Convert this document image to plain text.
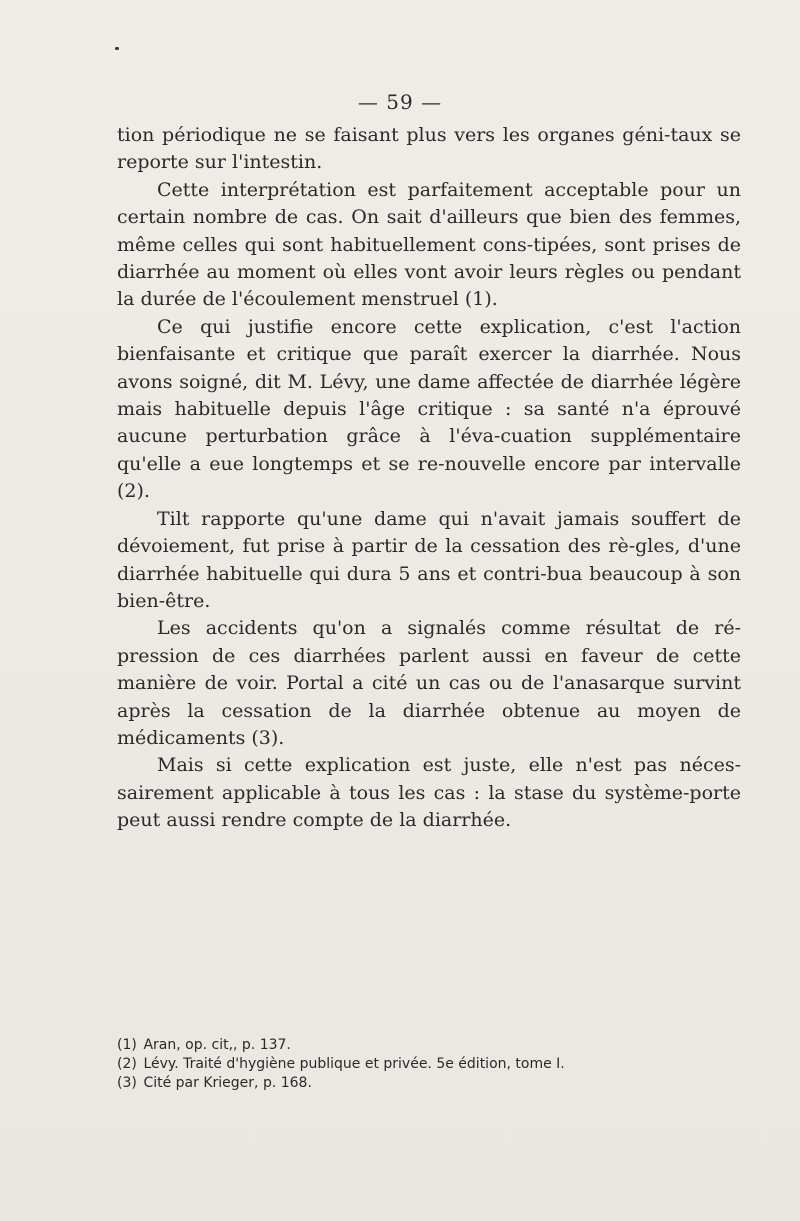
— 59 —

tion périodique ne se faisant plus vers les organes géni-taux se reporte sur l'intestin.

Cette interprétation est parfaitement acceptable pour un certain nombre de cas. On sait d'ailleurs que bien des femmes, même celles qui sont habituellement cons-tipées, sont prises de diarrhée au moment où elles vont avoir leurs règles ou pendant la durée de l'écoulement menstruel (1).

Ce qui justifie encore cette explication, c'est l'action bienfaisante et critique que paraît exercer la diarrhée. Nous avons soigné, dit M. Lévy, une dame affectée de diarrhée légère mais habituelle depuis l'âge critique : sa santé n'a éprouvé aucune perturbation grâce à l'éva-cuation supplémentaire qu'elle a eue longtemps et se re-nouvelle encore par intervalle (2).

Tilt rapporte qu'une dame qui n'avait jamais souffert de dévoiement, fut prise à partir de la cessation des rè-gles, d'une diarrhée habituelle qui dura 5 ans et contri-bua beaucoup à son bien-être.

Les accidents qu'on a signalés comme résultat de ré-pression de ces diarrhées parlent aussi en faveur de cette manière de voir. Portal a cité un cas ou de l'anasarque survint après la cessation de la diarrhée obtenue au moyen de médicaments (3).

Mais si cette explication est juste, elle n'est pas néces-sairement applicable à tous les cas : la stase du système-porte peut aussi rendre compte de la diarrhée.

(1) Aran, op. cit,, p. 137.
(2) Lévy. Traité d'hygiène publique et privée. 5e édition, tome I.
(3) Cité par Krieger, p. 168.
